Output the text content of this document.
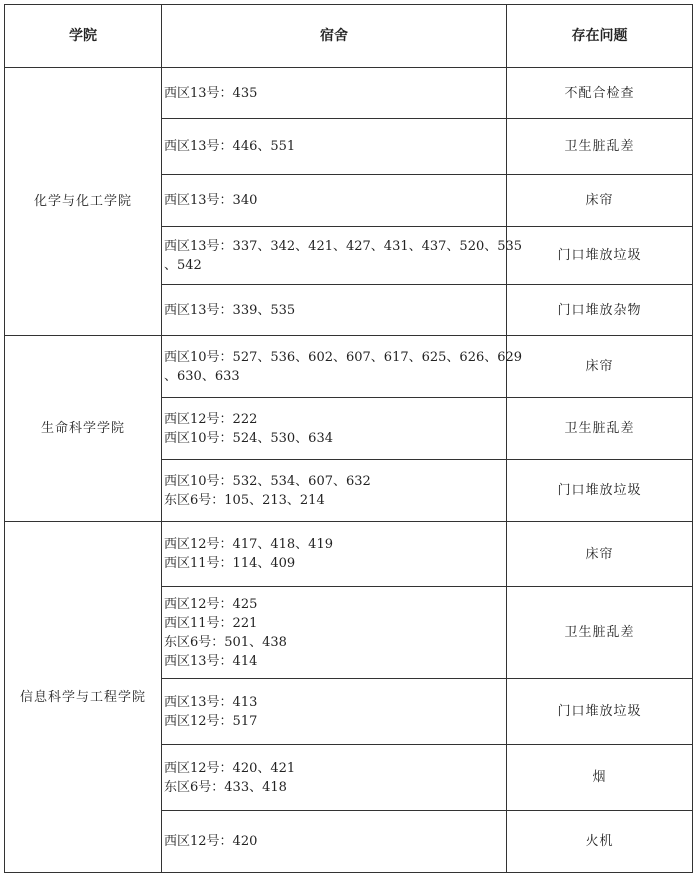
学院	宿舍	存在问题
化学与化工学院	西区13号：435	不配合检查

	西区13号：446、551	卫生脏乱差

	西区13号：340	床帘

	西区13号：337、342、421、427、431、437、520、535
、542	门口堆放垃圾

	西区13号：339、535	门口堆放杂物
生命科学学院	西区10号：527、536、602、607、617、625、626、629
、630、633	床帘

	西区12号：222
西区10号：524、530、634	卫生脏乱差

	西区10号：532、534、607、632
东区6号：105、213、214	门口堆放垃圾
信息科学与工程学院	西区12号：417、418、419
西区11号：114、409	床帘

	西区12号：425
西区11号：221
东区6号：501、438
西区13号：414	卫生脏乱差

	西区13号：413
西区12号：517	门口堆放垃圾

	西区12号：420、421
东区6号：433、418	烟

	西区12号：420	火机
